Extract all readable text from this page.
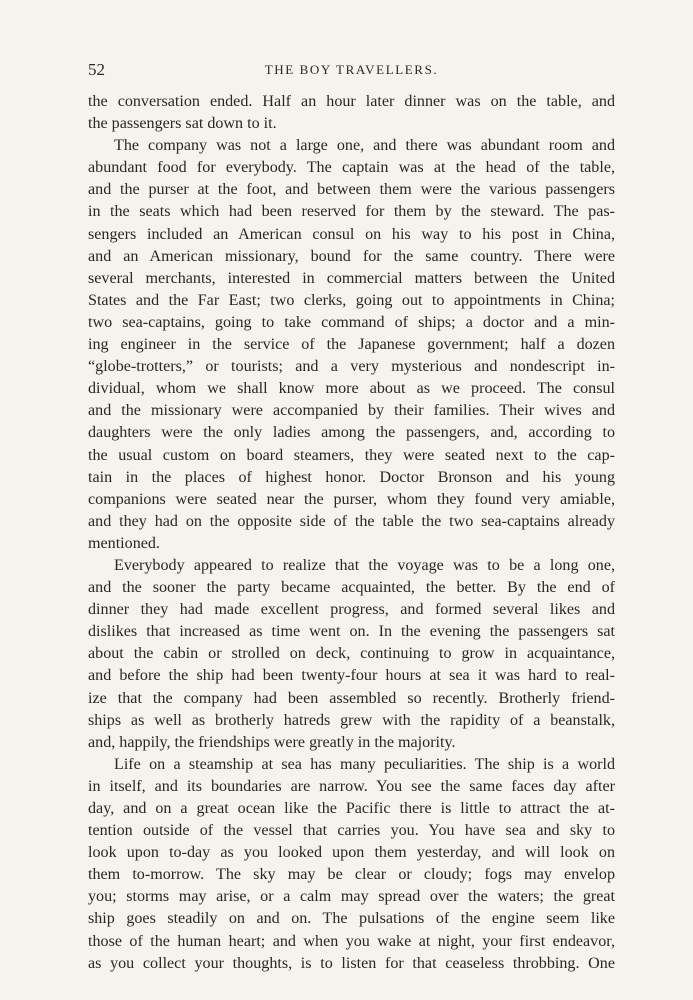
52	THE BOY TRAVELLERS.
the conversation ended. Half an hour later dinner was on the table, and
the passengers sat down to it.
The company was not a large one, and there was abundant room and
abundant food for everybody. The captain was at the head of the table,
and the purser at the foot, and between them were the various passengers
in the seats which had been reserved for them by the steward. The pas-
sengers included an American consul on his way to his post in China,
and an American missionary, bound for the same country. There were
several merchants, interested in commercial matters between the United
States and the Far East; two clerks, going out to appointments in China;
two sea-captains, going to take command of ships; a doctor and a min-
ing engineer in the service of the Japanese government; half a dozen
“globe-trotters,” or tourists; and a very mysterious and nondescript in-
dividual, whom we shall know more about as we proceed. The consul
and the missionary were accompanied by their families. Their wives and
daughters were the only ladies among the passengers, and, according to
the usual custom on board steamers, they were seated next to the cap-
tain in the places of highest honor. Doctor Bronson and his young
companions were seated near the purser, whom they found very amiable,
and they had on the opposite side of the table the two sea-captains already
mentioned.
Everybody appeared to realize that the voyage was to be a long one,
and the sooner the party became acquainted, the better. By the end of
dinner they had made excellent progress, and formed several likes and
dislikes that increased as time went on. In the evening the passengers sat
about the cabin or strolled on deck, continuing to grow in acquaintance,
and before the ship had been twenty-four hours at sea it was hard to real-
ize that the company had been assembled so recently. Brotherly friend-
ships as well as brotherly hatreds grew with the rapidity of a beanstalk,
and, happily, the friendships were greatly in the majority.
Life on a steamship at sea has many peculiarities. The ship is a world
in itself, and its boundaries are narrow. You see the same faces day after
day, and on a great ocean like the Pacific there is little to attract the at-
tention outside of the vessel that carries you. You have sea and sky to
look upon to-day as you looked upon them yesterday, and will look on
them to-morrow. The sky may be clear or cloudy; fogs may envelop
you; storms may arise, or a calm may spread over the waters; the great
ship goes steadily on and on. The pulsations of the engine seem like
those of the human heart; and when you wake at night, your first endeavor,
as you collect your thoughts, is to listen for that ceaseless throbbing. One
